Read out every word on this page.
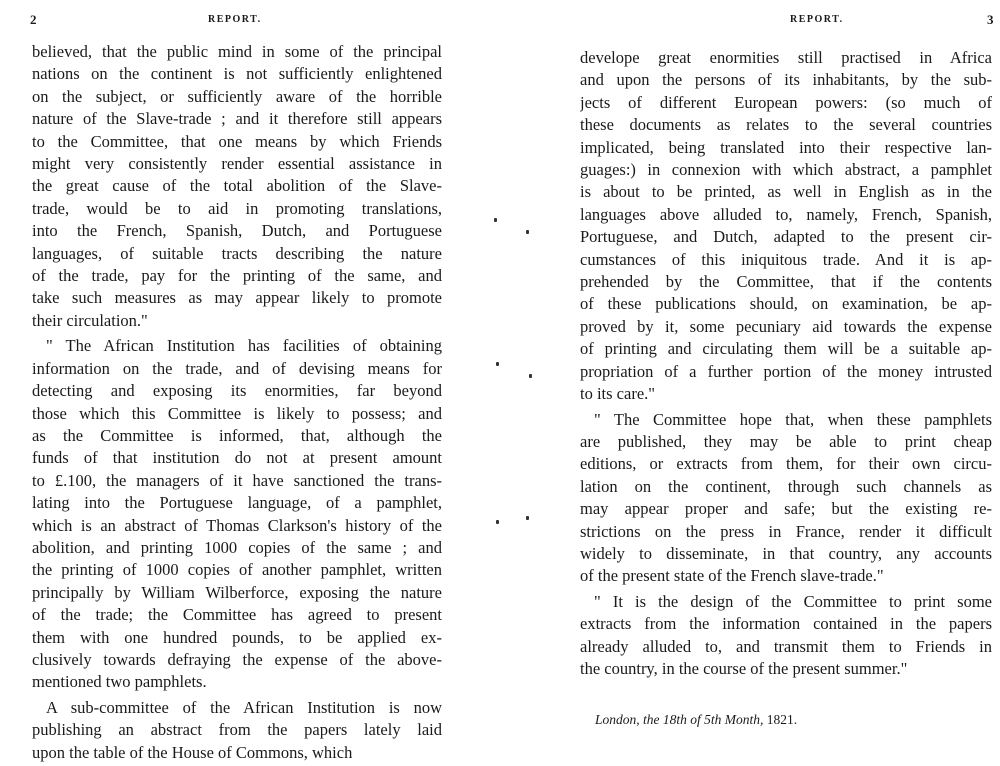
2	REPORT.
believed, that the public mind in some of the principal
nations on the continent is not sufficiently enlightened
on the subject, or sufficiently aware of the horrible
nature of the Slave-trade ; and it therefore still appears
to the Committee, that one means by which Friends
might very consistently render essential assistance in
the great cause of the total abolition of the Slave-
trade, would be to aid in promoting translations,
into the French, Spanish, Dutch, and Portuguese
languages, of suitable tracts describing the nature
of the trade, pay for the printing of the same, and
take such measures as may appear likely to promote
their circulation."
" The African Institution has facilities of obtaining
information on the trade, and of devising means for
detecting and exposing its enormities, far beyond
those which this Committee is likely to possess; and
as the Committee is informed, that, although the
funds of that institution do not at present amount
to £.100, the managers of it have sanctioned the trans-
lating into the Portuguese language, of a pamphlet,
which is an abstract of Thomas Clarkson's history of the
abolition, and printing 1000 copies of the same ; and
the printing of 1000 copies of another pamphlet, written
principally by William Wilberforce, exposing the nature
of the trade; the Committee has agreed to present
them with one hundred pounds, to be applied ex-
clusively towards defraying the expense of the above-
mentioned two pamphlets.
A sub-committee of the African Institution is now
publishing an abstract from the papers lately laid
upon the table of the House of Commons, which
REPORT.	3
develope great enormities still practised in Africa
and upon the persons of its inhabitants, by the sub-
jects of different European powers: (so much of
these documents as relates to the several countries
implicated, being translated into their respective lan-
guages:) in connexion with which abstract, a pamphlet
is about to be printed, as well in English as in the
languages above alluded to, namely, French, Spanish,
Portuguese, and Dutch, adapted to the present cir-
cumstances of this iniquitous trade. And it is ap-
prehended by the Committee, that if the contents
of these publications should, on examination, be ap-
proved by it, some pecuniary aid towards the expense
of printing and circulating them will be a suitable ap-
propriation of a further portion of the money intrusted
to its care."
" The Committee hope that, when these pamphlets
are published, they may be able to print cheap
editions, or extracts from them, for their own circu-
lation on the continent, through such channels as
may appear proper and safe; but the existing re-
strictions on the press in France, render it difficult
widely to disseminate, in that country, any accounts
of the present state of the French slave-trade."
" It is the design of the Committee to print some
extracts from the information contained in the papers
already alluded to, and transmit them to Friends in
the country, in the course of the present summer."
London, the 18th of 5th Month, 1821.
